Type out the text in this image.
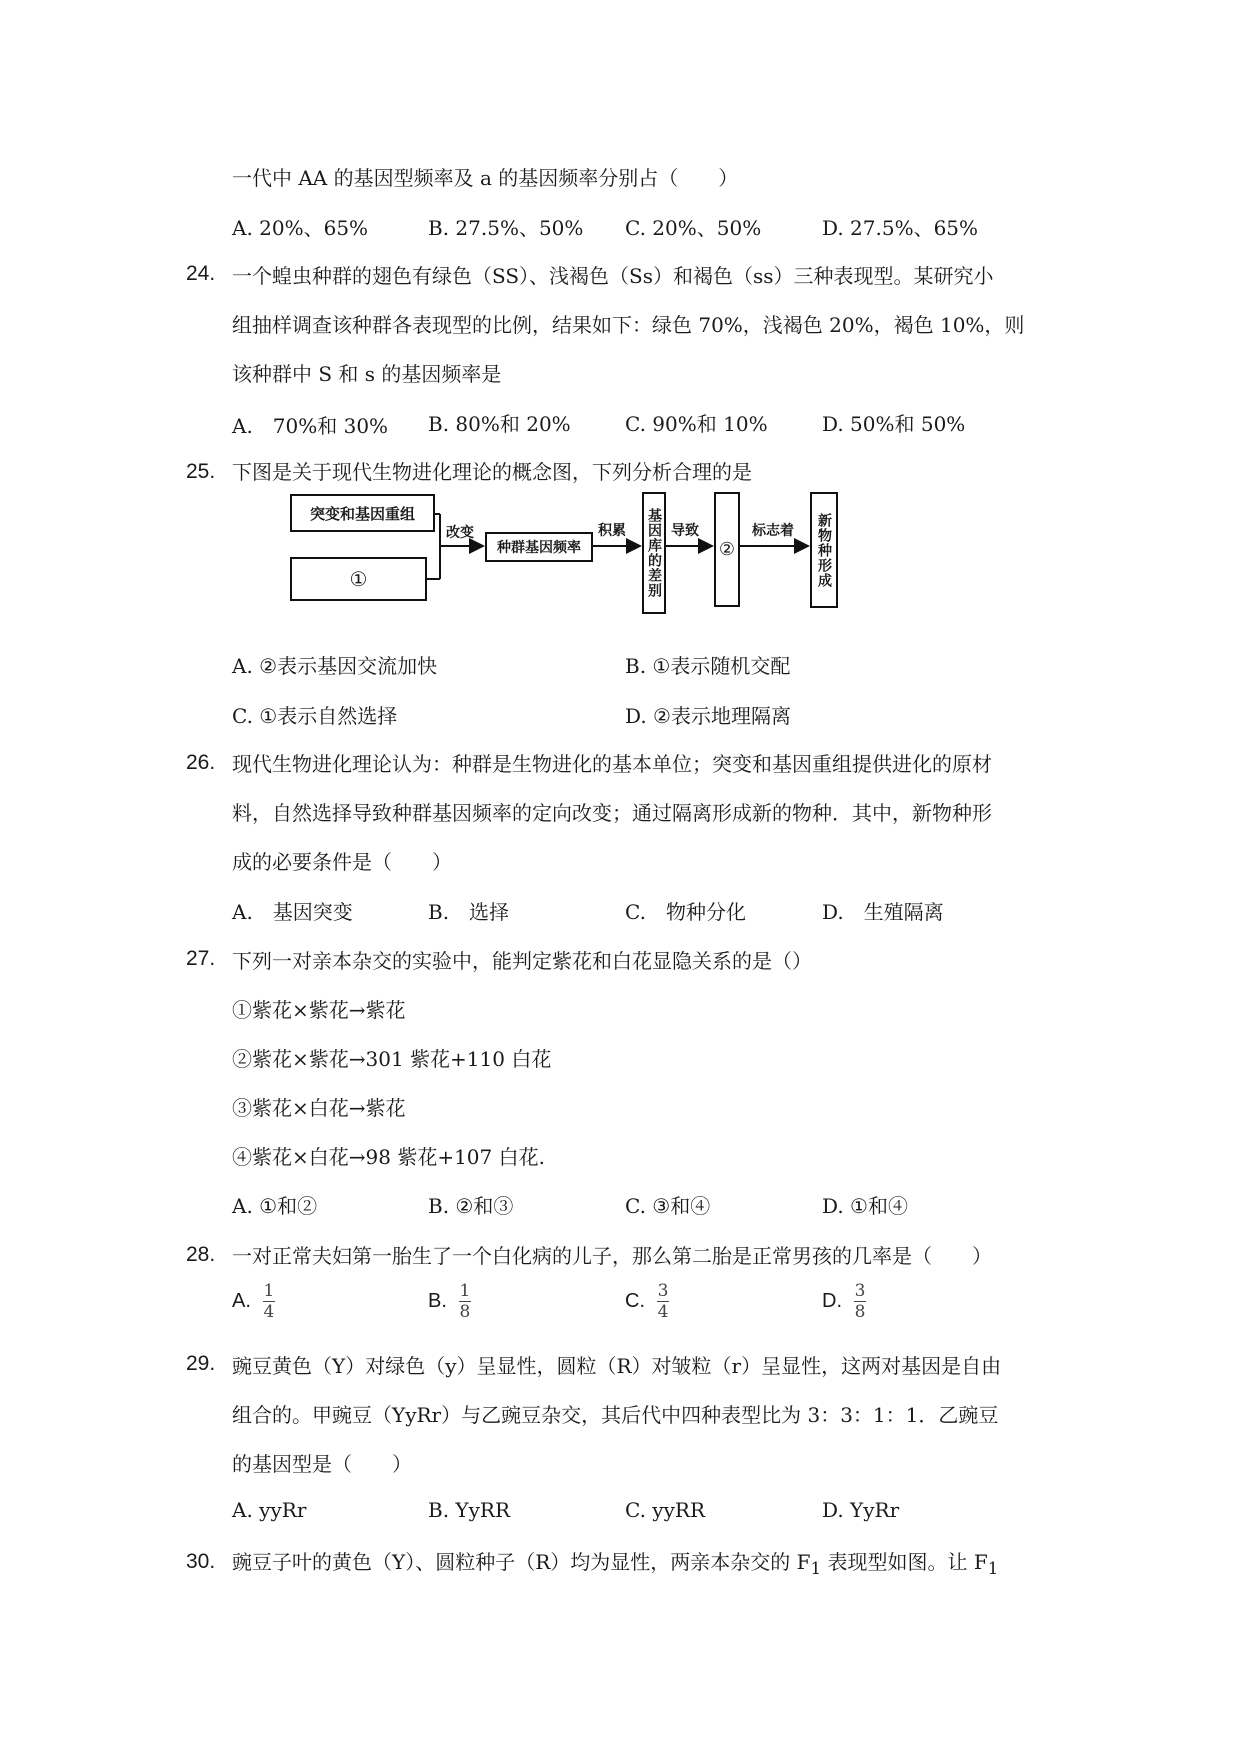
一代中 AA 的基因型频率及 a 的基因频率分别占（　　）
A. 20%、65%	B. 27.5%、50% C. 20%、50%	D. 27.5%、65%
24. 一个蝗虫种群的翅色有绿色（SS）、浅褐色（Ss）和褐色（ss）三种表现型。某研究小
组抽样调查该种群各表现型的比例，结果如下：绿色 70%，浅褐色 20%，褐色 10%，则
该种群中 S 和 s 的基因频率是
A.　70%和 30% B. 80%和 20%	C. 90%和 10%	D. 50%和 50%
25. 下图是关于现代生物进化理论的概念图，下列分析合理的是
突变和基因重组
①
改变
种群基因频率
积累 基因库的差别 导致
②
标志着	新物种形成
A. ②表示基因交流加快	B. ①表示随机交配
C. ①表示自然选择	D. ②表示地理隔离
26. 现代生物进化理论认为：种群是生物进化的基本单位；突变和基因重组提供进化的原材
料，自然选择导致种群基因频率的定向改变；通过隔离形成新的物种．其中，新物种形
成的必要条件是（　　）
A.　基因突变	B.　选择	C.　物种分化	D.　生殖隔离
27. 下列一对亲本杂交的实验中，能判定紫花和白花显隐关系的是（）
①紫花×紫花→紫花
②紫花×紫花→301 紫花+110 白花
③紫花×白花→紫花
④紫花×白花→98 紫花+107 白花.
A. ①和②	B. ②和③	C. ③和④	D. ①和④
28. 一对正常夫妇第一胎生了一个白化病的儿子，那么第二胎是正常男孩的几率是（　　）
A. $\frac{1}{4}$	B. $\frac{1}{8}$	C. $\frac{3}{4}$	D. $\frac{3}{8}$
29. 豌豆黄色（Y）对绿色（y）呈显性，圆粒（R）对皱粒（r）呈显性，这两对基因是自由
组合的。甲豌豆（YyRr）与乙豌豆杂交，其后代中四种表型比为 3：3：1：1．乙豌豆
的基因型是（　　）
A. yyRr	B. YyRR	C. yyRR	D. YyRr
30. 豌豆子叶的黄色（Y）、圆粒种子（R）均为显性，两亲本杂交的 $F_1$ 表现型如图。让 $F_1$
